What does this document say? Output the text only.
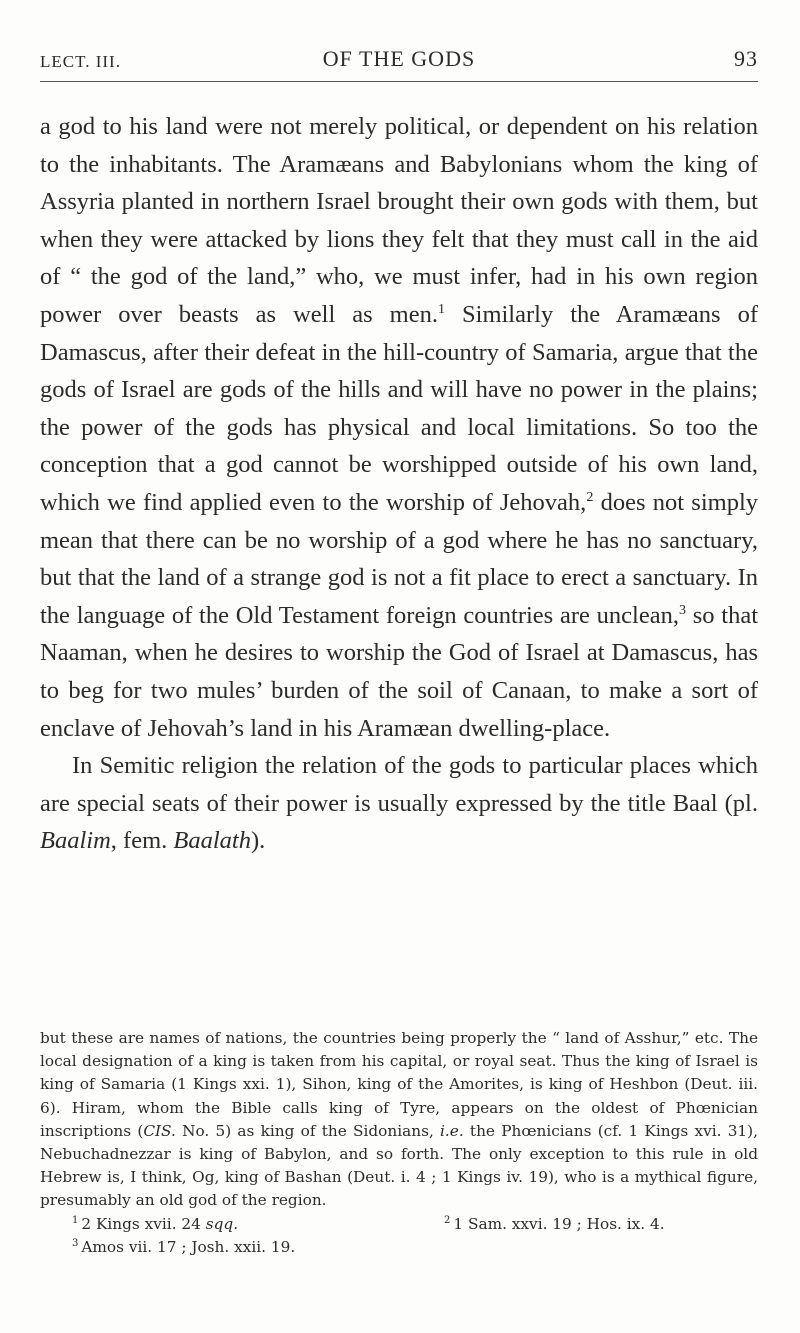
LECT. III.	OF THE GODS	93

a god to his land were not merely political, or dependent on his relation to the inhabitants. The Aramæans and Babylonians whom the king of Assyria planted in northern Israel brought their own gods with them, but when they were attacked by lions they felt that they must call in the aid of “ the god of the land,” who, we must infer, had in his own region power over beasts as well as men.$^1$ Similarly the Aramæans of Damascus, after their defeat in the hill-country of Samaria, argue that the gods of Israel are gods of the hills and will have no power in the plains; the power of the gods has physical and local limitations. So too the conception that a god cannot be worshipped outside of his own land, which we find applied even to the worship of Jehovah,$^2$ does not simply mean that there can be no worship of a god where he has no sanctuary, but that the land of a strange god is not a fit place to erect a sanctuary. In the language of the Old Testament foreign countries are unclean,$^3$ so that Naaman, when he desires to worship the God of Israel at Damascus, has to beg for two mules’ burden of the soil of Canaan, to make a sort of enclave of Jehovah’s land in his Aramæan dwelling-place.

In Semitic religion the relation of the gods to particular places which are special seats of their power is usually expressed by the title Baal (pl. Baalim, fem. Baalath).

but these are names of nations, the countries being properly the “ land of Asshur,” etc. The local designation of a king is taken from his capital, or royal seat. Thus the king of Israel is king of Samaria (1 Kings xxi. 1), Sihon, king of the Amorites, is king of Heshbon (Deut. iii. 6). Hiram, whom the Bible calls king of Tyre, appears on the oldest of Phœnician inscriptions (CIS. No. 5) as king of the Sidonians, i.e. the Phœnicians (cf. 1 Kings xvi. 31), Nebuchadnezzar is king of Babylon, and so forth. The only exception to this rule in old Hebrew is, I think, Og, king of Bashan (Deut. i. 4 ; 1 Kings iv. 19), who is a mythical figure, presumably an old god of the region.

$^1$ 2 Kings xvii. 24 sqq.	$^2$ 1 Sam. xxvi. 19 ; Hos. ix. 4.
$^3$ Amos vii. 17 ; Josh. xxii. 19.
